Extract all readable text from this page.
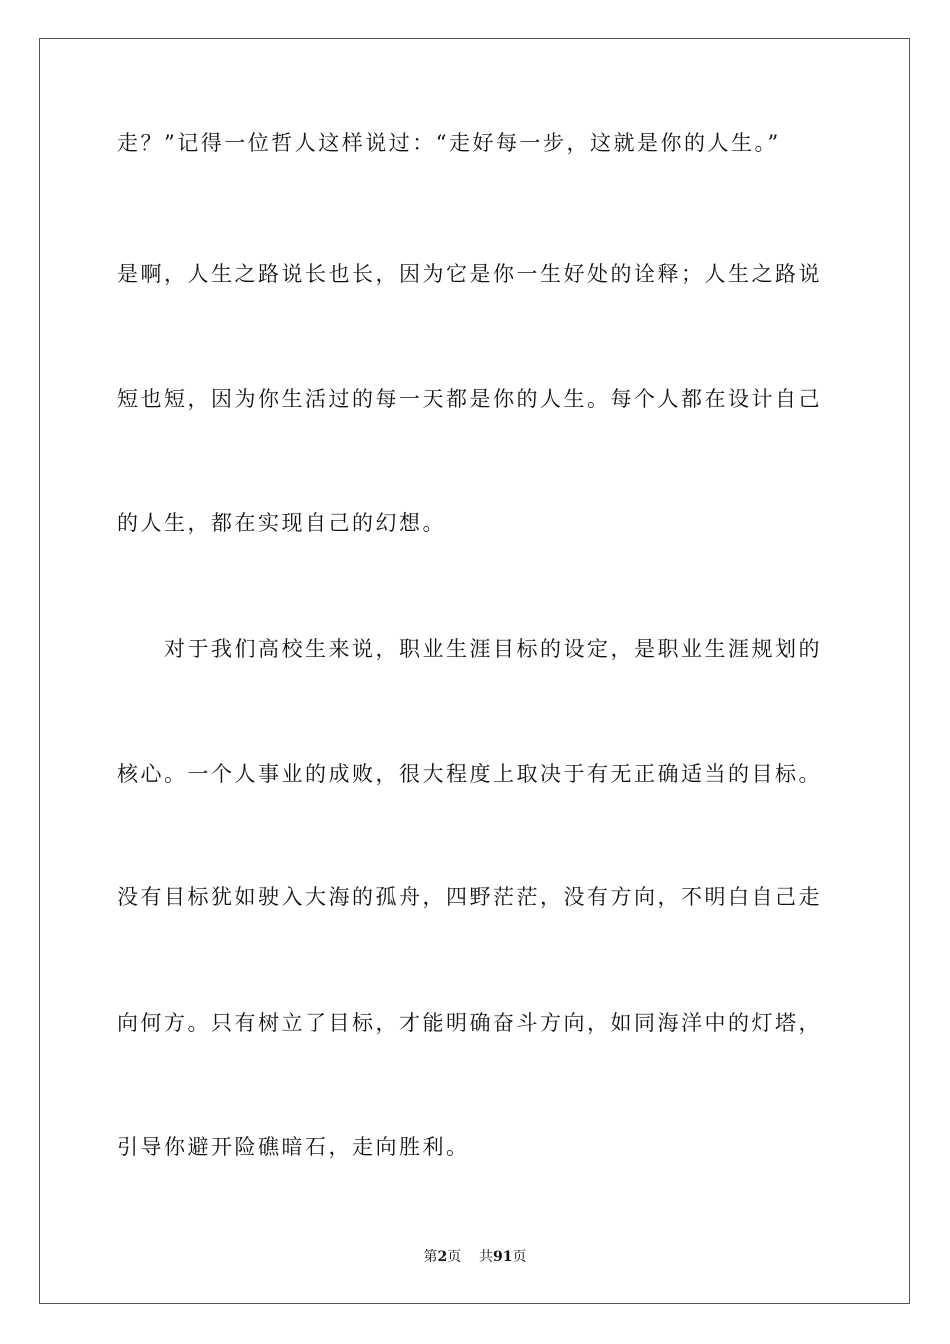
走？”记得一位哲人这样说过：“走好每一步，这就是你的人生。”
是啊，人生之路说长也长，因为它是你一生好处的诠释；人生之路说
短也短，因为你生活过的每一天都是你的人生。每个人都在设计自己
的人生，都在实现自己的幻想。
　　对于我们高校生来说，职业生涯目标的设定，是职业生涯规划的
核心。一个人事业的成败，很大程度上取决于有无正确适当的目标。
没有目标犹如驶入大海的孤舟，四野茫茫，没有方向，不明白自己走
向何方。只有树立了目标，才能明确奋斗方向，如同海洋中的灯塔，
引导你避开险礁暗石，走向胜利。
第2页 共91页
